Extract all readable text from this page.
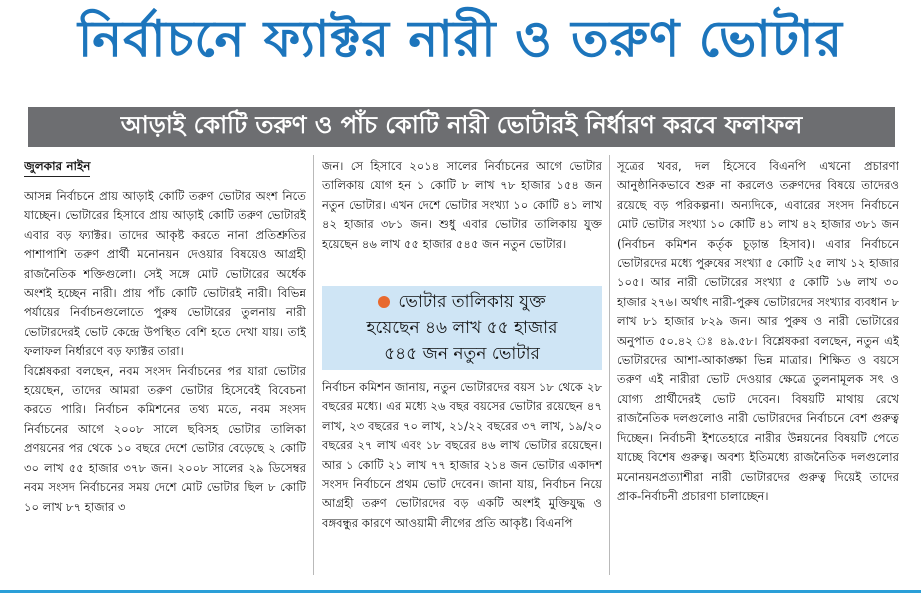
নির্বাচনে ফ্যাক্টর নারী ও তরুণ ভোটার
আড়াই কোটি তরুণ ও পাঁচ কোটি নারী ভোটারই নির্ধারণ করবে ফলাফল
জুলকার নাইন

আসন্ন নির্বাচনে প্রায় আড়াই কোটি তরুণ ভোটার অংশ নিতে যাচ্ছেন। ভোটারের হিসাবে প্রায় আড়াই কোটি তরুণ ভোটারই এবার বড় ফ্যাক্টর। তাদের আকৃষ্ট করতে নানা প্রতিশ্রুতির পাশাপাশি তরুণ প্রার্থী মনোনয়ন দেওয়ার বিষয়েও আগ্রহী রাজনৈতিক শক্তিগুলো। সেই সঙ্গে মোট ভোটারের অর্ধেক অংশই হচ্ছেন নারী। প্রায় পাঁচ কোটি ভোটারই নারী। বিভিন্ন পর্যায়ের নির্বাচনগুলোতে পুরুষ ভোটারের তুলনায় নারী ভোটারদেরই ভোট কেন্দ্রে উপস্থিত বেশি হতে দেখা যায়। তাই ফলাফল নির্ধারণে বড় ফ্যাক্টর তারা।

বিশ্লেষকরা বলছেন, নবম সংসদ নির্বাচনের পর যারা ভোটার হয়েছেন, তাদের আমরা তরুণ ভোটার হিসেবেই বিবেচনা করতে পারি। নির্বাচন কমিশনের তথ্য মতে, নবম সংসদ নির্বাচনের আগে ২০০৮ সালে ছবিসহ ভোটার তালিকা প্রণয়নের পর থেকে ১০ বছরে দেশে ভোটার বেড়েছে ২ কোটি ৩০ লাখ ৫৫ হাজার ৩৭৮ জন। ২০০৮ সালের ২৯ ডিসেম্বর নবম সংসদ নির্বাচনের সময় দেশে মোট ভোটার ছিল ৮ কোটি ১০ লাখ ৮৭ হাজার ৩

জন। সে হিসাবে ২০১৪ সালের নির্বাচনের আগে ভোটার তালিকায় যোগ হন ১ কোটি ৮ লাখ ৭৮ হাজার ১৫৪ জন নতুন ভোটার। এখন দেশে ভোটার সংখ্যা ১০ কোটি ৪১ লাখ ৪২ হাজার ৩৮১ জন। শুধু এবার ভোটার তালিকায় যুক্ত হয়েছেন ৪৬ লাখ ৫৫ হাজার ৫৪৫ জন নতুন ভোটার।

ভোটার তালিকায় যুক্ত
হয়েছেন ৪৬ লাখ ৫৫ হাজার
৫৪৫ জন নতুন ভোটার

নির্বাচন কমিশন জানায়, নতুন ভোটারদের বয়স ১৮ থেকে ২৮ বছরের মধ্যে। এর মধ্যে ২৬ বছর বয়সের ভোটার রয়েছেন ৪৭ লাখ, ২৩ বছরের ৭০ লাখ, ২১/২২ বছরের ৩৭ লাখ, ১৯/২০ বছরের ২৭ লাখ এবং ১৮ বছরের ৪৬ লাখ ভোটার রয়েছেন। আর ১ কোটি ২১ লাখ ৭৭ হাজার ২১৪ জন ভোটার একাদশ সংসদ নির্বাচনে প্রথম ভোট দেবেন। জানা যায়, নির্বাচন নিয়ে আগ্রহী তরুণ ভোটারদের বড় একটি অংশই মুক্তিযুদ্ধ ও বঙ্গবন্ধুর কারণে আওয়ামী লীগের প্রতি আকৃষ্ট। বিএনপি

সূত্রের খবর, দল হিসেবে বিএনপি এখনো প্রচারণা আনুষ্ঠানিকভাবে শুরু না করলেও তরুণদের বিষয়ে তাদেরও রয়েছে বড় পরিকল্পনা। অন্যদিকে, এবারের সংসদ নির্বাচনে মোট ভোটার সংখ্যা ১০ কোটি ৪১ লাখ ৪২ হাজার ৩৮১ জন (নির্বাচন কমিশন কর্তৃক চূড়ান্ত হিসাব)। এবার নির্বাচনে ভোটারদের মধ্যে পুরুষের সংখ্যা ৫ কোটি ২৫ লাখ ১২ হাজার ১০৫। আর নারী ভোটারের সংখ্যা ৫ কোটি ১৬ লাখ ৩০ হাজার ২৭৬। অর্থাৎ নারী-পুরুষ ভোটারদের সংখ্যার ব্যবধান ৮ লাখ ৮১ হাজার ৮২৯ জন। আর পুরুষ ও নারী ভোটারের অনুপাত ৫০.৪২ ঃ ৪৯.৫৮। বিশ্লেষকরা বলছেন, নতুন এই ভোটারদের আশা-আকাঙ্ক্ষা ভিন্ন মাত্রার। শিক্ষিত ও বয়সে তরুণ এই নারীরা ভোট দেওয়ার ক্ষেত্রে তুলনামূলক সৎ ও যোগ্য প্রার্থীদেরই ভোট দেবেন। বিষয়টি মাথায় রেখে রাজনৈতিক দলগুলোও নারী ভোটারদের নির্বাচনে বেশ গুরুত্ব দিচ্ছেন। নির্বাচনী ইশতেহারে নারীর উন্নয়নের বিষয়টি পেতে যাচ্ছে বিশেষ গুরুত্ব। অবশ্য ইতিমধ্যে রাজনৈতিক দলগুলোর মনোনয়নপ্রত্যাশীরা নারী ভোটারদের গুরুত্ব দিয়েই তাদের প্রাক-নির্বাচনী প্রচারণা চালাচ্ছেন।
